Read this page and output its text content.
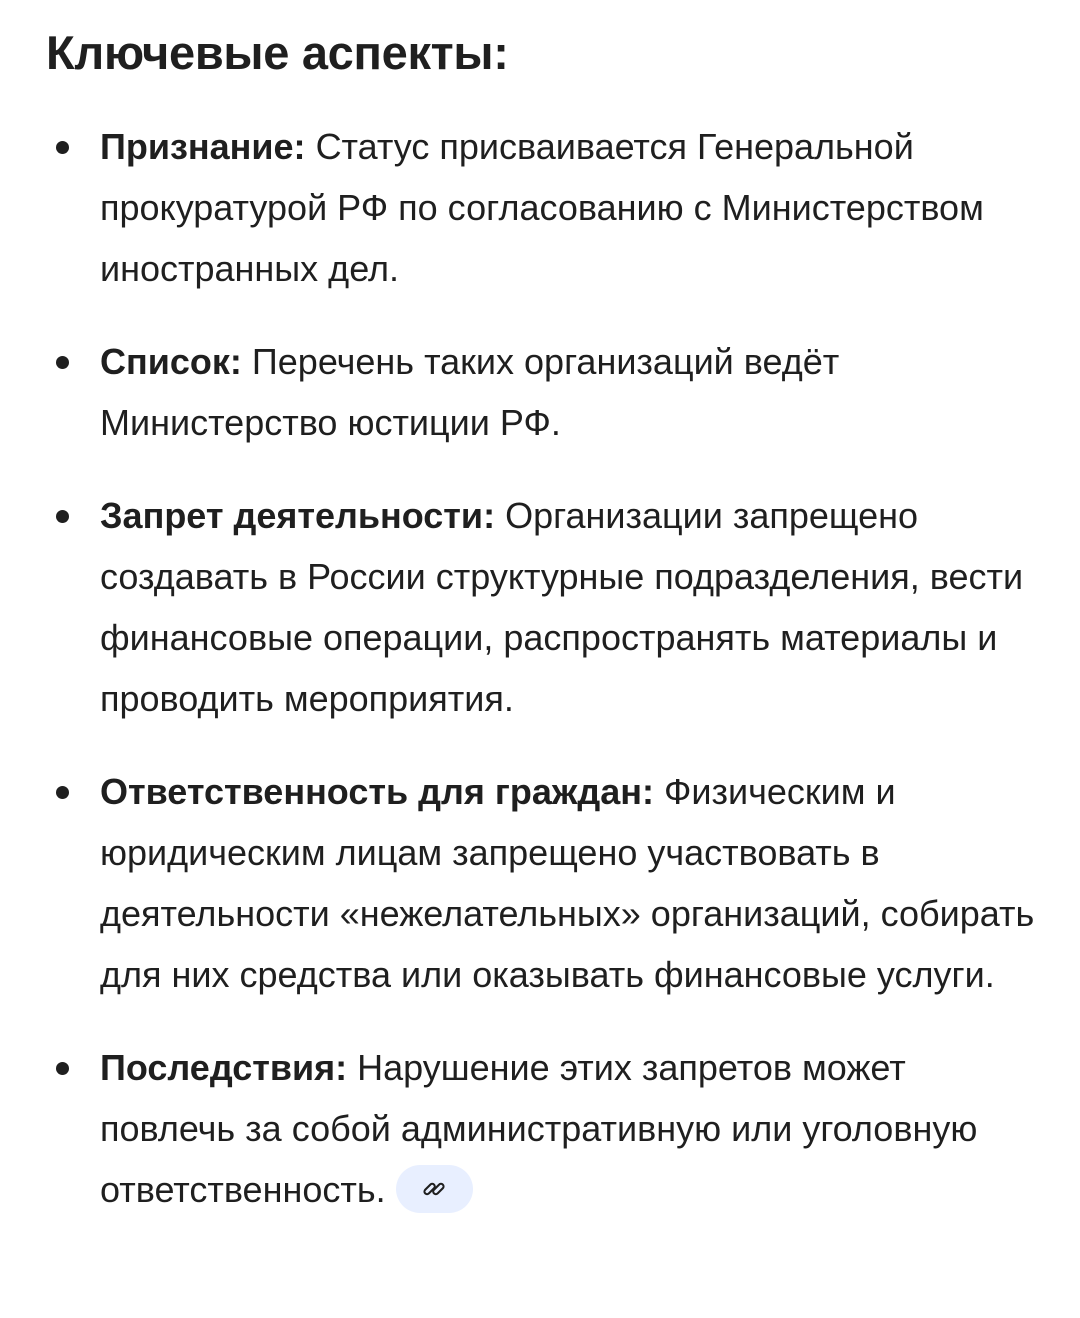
Ключевые аспекты:
Признание: Статус присваивается Генеральной прокуратурой РФ по согласованию с Министерством иностранных дел.
Список: Перечень таких организаций ведёт Министерство юстиции РФ.
Запрет деятельности: Организации запрещено создавать в России структурные подразделения, вести финансовые операции, распространять материалы и проводить мероприятия.
Ответственность для граждан: Физическим и юридическим лицам запрещено участвовать в деятельности «нежелательных» организаций, собирать для них средства или оказывать финансовые услуги.
Последствия: Нарушение этих запретов может повлечь за собой административную или уголовную ответственность.
